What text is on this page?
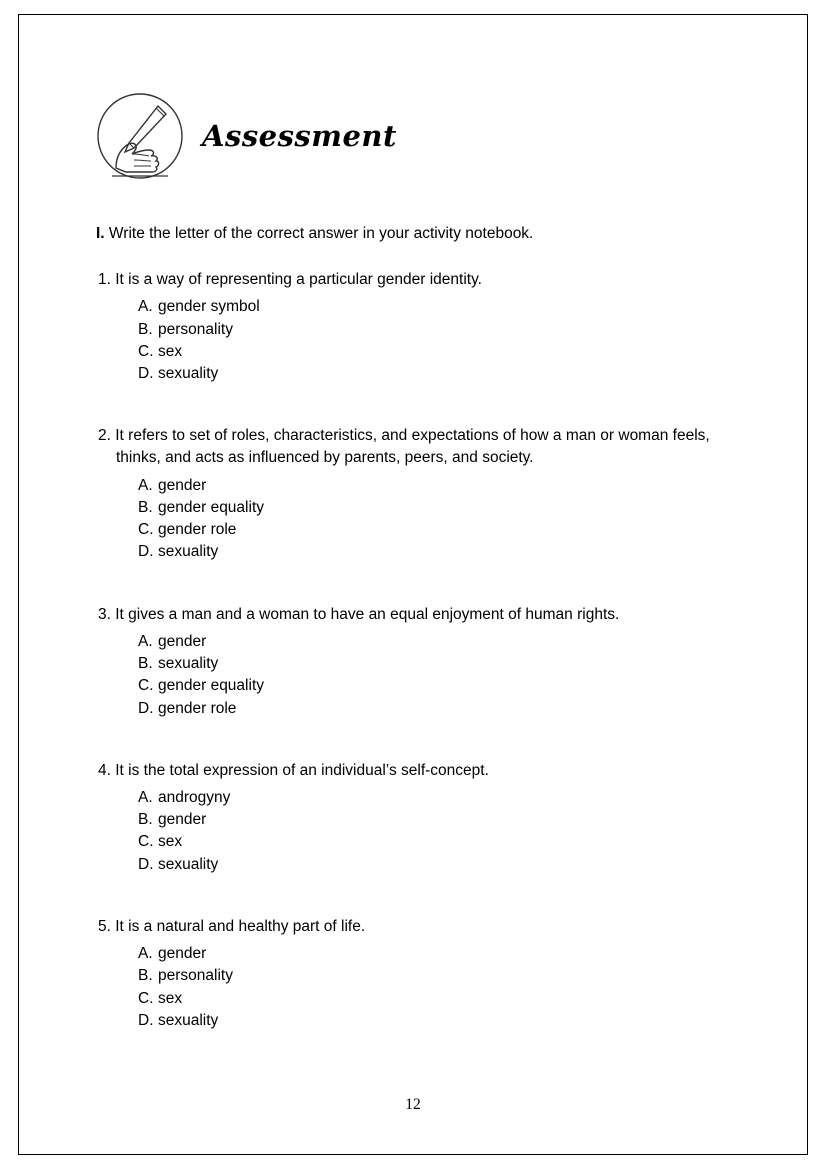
Assessment
I. Write the letter of the correct answer in your activity notebook.
1. It is a way of representing a particular gender identity.
A. gender symbol
B. personality
C. sex
D. sexuality
2. It refers to set of roles, characteristics, and expectations of how a man or woman feels, thinks, and acts as influenced by parents, peers, and society.
A. gender
B. gender equality
C. gender role
D. sexuality
3. It gives a man and a woman to have an equal enjoyment of human rights.
A. gender
B. sexuality
C. gender equality
D. gender role
4. It is the total expression of an individual’s self-concept.
A. androgyny
B. gender
C. sex
D. sexuality
5. It is a natural and healthy part of life.
A. gender
B. personality
C. sex
D. sexuality
12
